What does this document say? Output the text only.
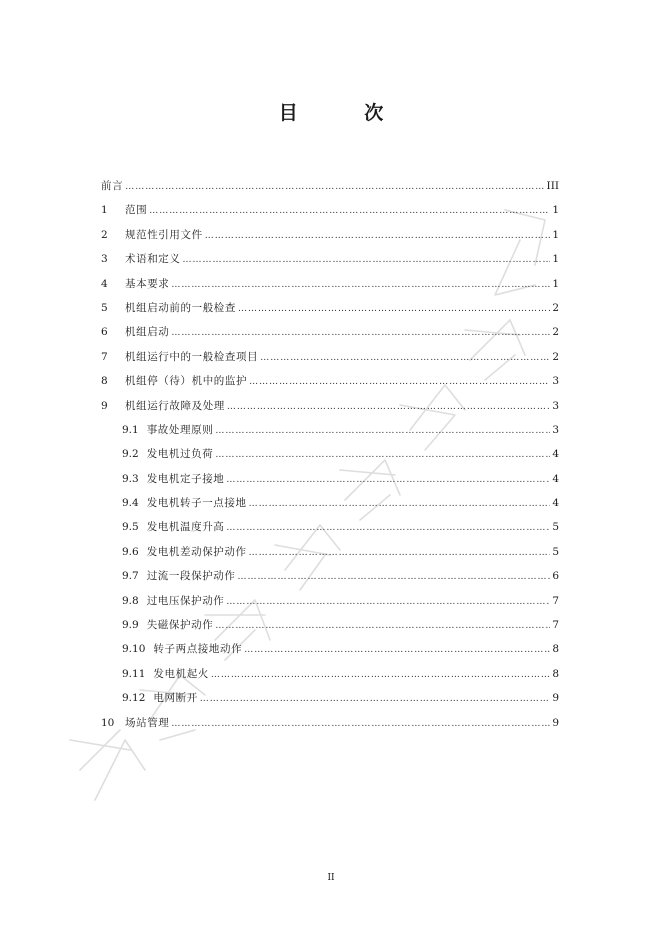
目 次
前言 …………………………………………………………………………………………………………………………………………………………	III
1	范围 …………………………………………………………………………………………………………………………………………………………	1
2	规范性引用文件 …………………………………………………………………………………………………………………………………………………………	1
3	术语和定义 …………………………………………………………………………………………………………………………………………………………	1
4	基本要求 …………………………………………………………………………………………………………………………………………………………	1
5	机组启动前的一般检查 …………………………………………………………………………………………………………………………………………………………	2
6	机组启动 …………………………………………………………………………………………………………………………………………………………	2
7	机组运行中的一般检查项目 …………………………………………………………………………………………………………………………………………………………	2
8	机组停（待）机中的监护 …………………………………………………………………………………………………………………………………………………………	3
9	机组运行故障及处理 …………………………………………………………………………………………………………………………………………………………	3
9.1 事故处理原则 …………………………………………………………………………………………………………………………………………………………	3
9.2 发电机过负荷 …………………………………………………………………………………………………………………………………………………………	4
9.3 发电机定子接地 …………………………………………………………………………………………………………………………………………………………	4
9.4 发电机转子一点接地 …………………………………………………………………………………………………………………………………………………………	4
9.5 发电机温度升高 …………………………………………………………………………………………………………………………………………………………	5
9.6 发电机差动保护动作 …………………………………………………………………………………………………………………………………………………………	5
9.7 过流一段保护动作 …………………………………………………………………………………………………………………………………………………………	6
9.8 过电压保护动作 …………………………………………………………………………………………………………………………………………………………	7
9.9 失磁保护动作 …………………………………………………………………………………………………………………………………………………………	7
9.10 转子两点接地动作 …………………………………………………………………………………………………………………………………………………………	8
9.11 发电机起火 …………………………………………………………………………………………………………………………………………………………	8
9.12 电网断开 …………………………………………………………………………………………………………………………………………………………	9
10	场站管理 …………………………………………………………………………………………………………………………………………………………	9
II
